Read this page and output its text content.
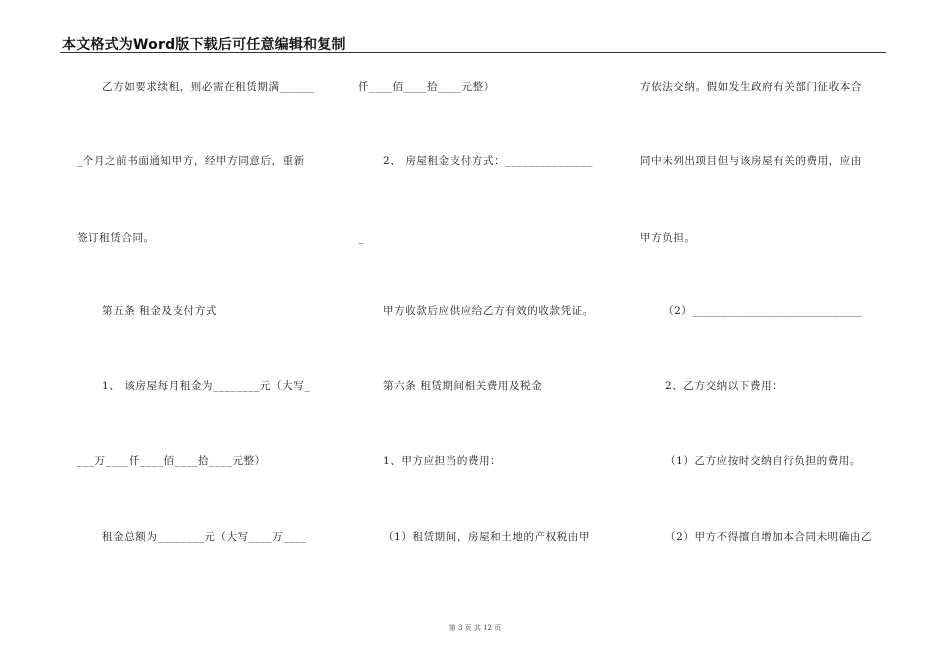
本文格式为Word版下载后可任意编辑和复制
乙方如要求续租，则必需在租赁期满______
_个月之前书面通知甲方，经甲方同意后，重新
签订租赁合同。
第五条 租金及支付方式
1、 该房屋每月租金为________元（大写_
___万____仟____佰____拾____元整）
租金总额为________元（大写____万____
仟____佰____拾____元整）
2、 房屋租金支付方式：_______________
_
甲方收款后应供应给乙方有效的收款凭证。
第六条 租赁期间相关费用及税金
1、甲方应担当的费用：
（1）租赁期间，房屋和土地的产权税由甲
方依法交纳。假如发生政府有关部门征收本合
同中未列出项目但与该房屋有关的费用，应由
甲方负担。
（2）_____________________________
2、乙方交纳以下费用：
（1）乙方应按时交纳自行负担的费用。
（2）甲方不得擅自增加本合同未明确由乙
第 3 页 共 12 页
